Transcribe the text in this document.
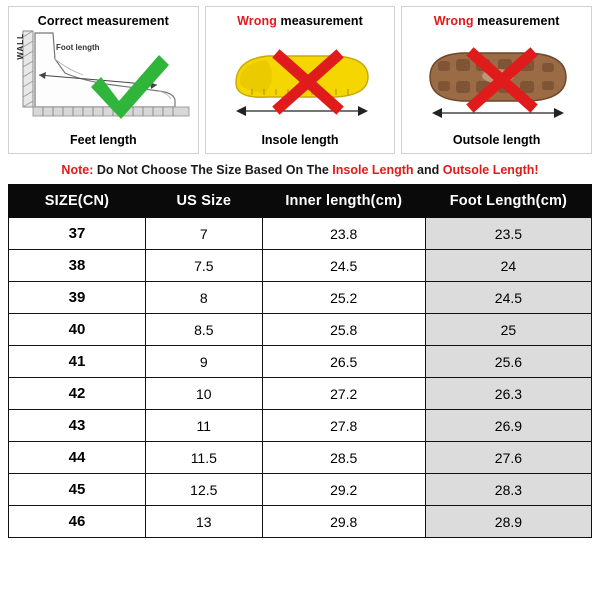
Correct measurement
WALL	Foot length
Feet length
Wrong measurement
Insole length
Wrong measurement
Outsole length
Note: Do Not Choose The Size Based On The Insole Length and Outsole Length!
SIZE(CN)	US Size	Inner length(cm)	Foot Length(cm)
37	7	23.8	23.5
38	7.5	24.5	24
39	8	25.2	24.5
40	8.5	25.8	25
41	9	26.5	25.6
42	10	27.2	26.3
43	11	27.8	26.9
44	11.5	28.5	27.6
45	12.5	29.2	28.3
46	13	29.8	28.9
